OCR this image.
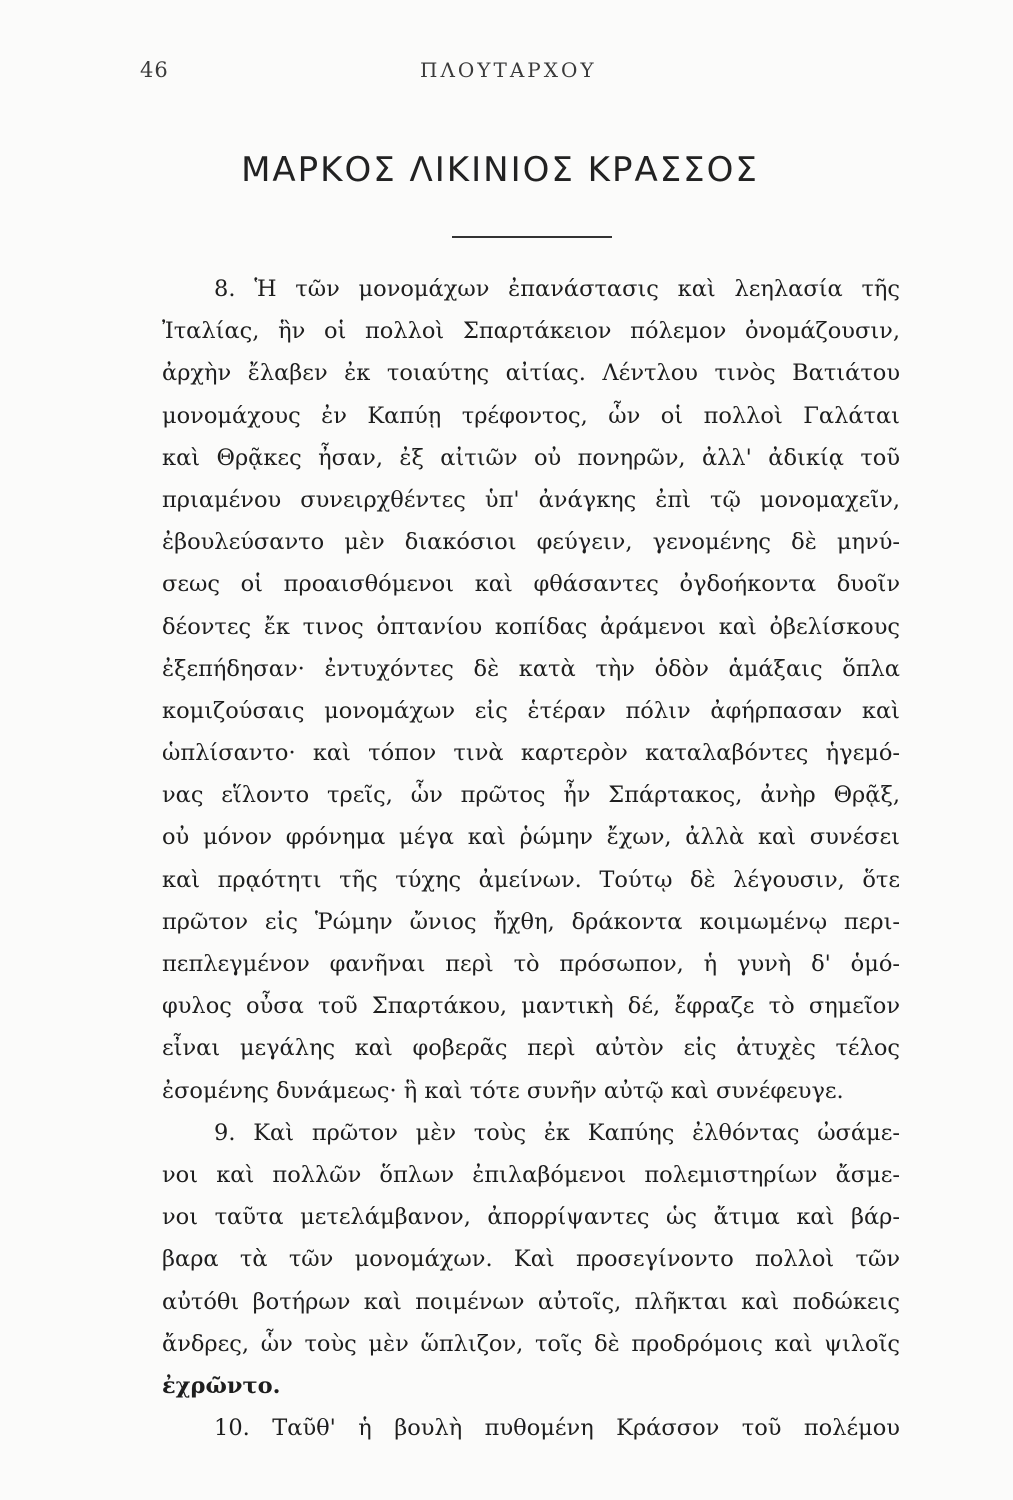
46	ΠΛΟΥΤΑΡΧΟΥ
ΜΑΡΚΟΣ ΛΙΚΙΝΙΟΣ ΚΡΑΣΣΟΣ
8. Ἡ τῶν μονομάχων ἐπανάστασις καὶ λεηλασία τῆς
Ἰταλίας, ἣν οἱ πολλοὶ Σπαρτάκειον πόλεμον ὀνομάζουσιν,
ἀρχὴν ἔλαβεν ἐκ τοιαύτης αἰτίας. Λέντλου τινὸς Βατιάτου
μονομάχους ἐν Καπύῃ τρέφοντος, ὧν οἱ πολλοὶ Γαλάται
καὶ Θρᾷκες ἦσαν, ἐξ αἰτιῶν οὐ πονηρῶν, ἀλλ' ἀδικίᾳ τοῦ
πριαμένου συνειρχθέντες ὑπ' ἀνάγκης ἐπὶ τῷ μονομαχεῖν,
ἐβουλεύσαντο μὲν διακόσιοι φεύγειν, γενομένης δὲ μηνύ-
σεως οἱ προαισθόμενοι καὶ φθάσαντες ὀγδοήκοντα δυοῖν
δέοντες ἔκ τινος ὀπτανίου κοπίδας ἀράμενοι καὶ ὀβελίσκους
ἐξεπήδησαν· ἐντυχόντες δὲ κατὰ τὴν ὁδὸν ἁμάξαις ὅπλα
κομιζούσαις μονομάχων εἰς ἑτέραν πόλιν ἀφήρπασαν καὶ
ὡπλίσαντο· καὶ τόπον τινὰ καρτερὸν καταλαβόντες ἡγεμό-
νας εἵλοντο τρεῖς, ὧν πρῶτος ἦν Σπάρτακος, ἀνὴρ Θρᾷξ,
οὐ μόνον φρόνημα μέγα καὶ ῥώμην ἔχων, ἀλλὰ καὶ συνέσει
καὶ πρᾳότητι τῆς τύχης ἀμείνων. Τούτῳ δὲ λέγουσιν, ὅτε
πρῶτον εἰς Ῥώμην ὤνιος ἤχθη, δράκοντα κοιμωμένῳ περι-
πεπλεγμένον φανῆναι περὶ τὸ πρόσωπον, ἡ γυνὴ δ' ὁμό-
φυλος οὖσα τοῦ Σπαρτάκου, μαντικὴ δέ, ἔφραζε τὸ σημεῖον
εἶναι μεγάλης καὶ φοβερᾶς περὶ αὐτὸν εἰς ἀτυχὲς τέλος
ἐσομένης δυνάμεως· ἣ καὶ τότε συνῆν αὐτῷ καὶ συνέφευγε.
9. Καὶ πρῶτον μὲν τοὺς ἐκ Καπύης ἐλθόντας ὠσάμε-
νοι καὶ πολλῶν ὅπλων ἐπιλαβόμενοι πολεμιστηρίων ἄσμε-
νοι ταῦτα μετελάμβανον, ἀπορρίψαντες ὡς ἄτιμα καὶ βάρ-
βαρα τὰ τῶν μονομάχων. Καὶ προσεγίνοντο πολλοὶ τῶν
αὐτόθι βοτήρων καὶ ποιμένων αὐτοῖς, πλῆκται καὶ ποδώκεις
ἄνδρες, ὧν τοὺς μὲν ὥπλιζον, τοῖς δὲ προδρόμοις καὶ ψιλοῖς
ἐχρῶντο.
10. Ταῦθ' ἡ βουλὴ πυθομένη Κράσσον τοῦ πολέμου
